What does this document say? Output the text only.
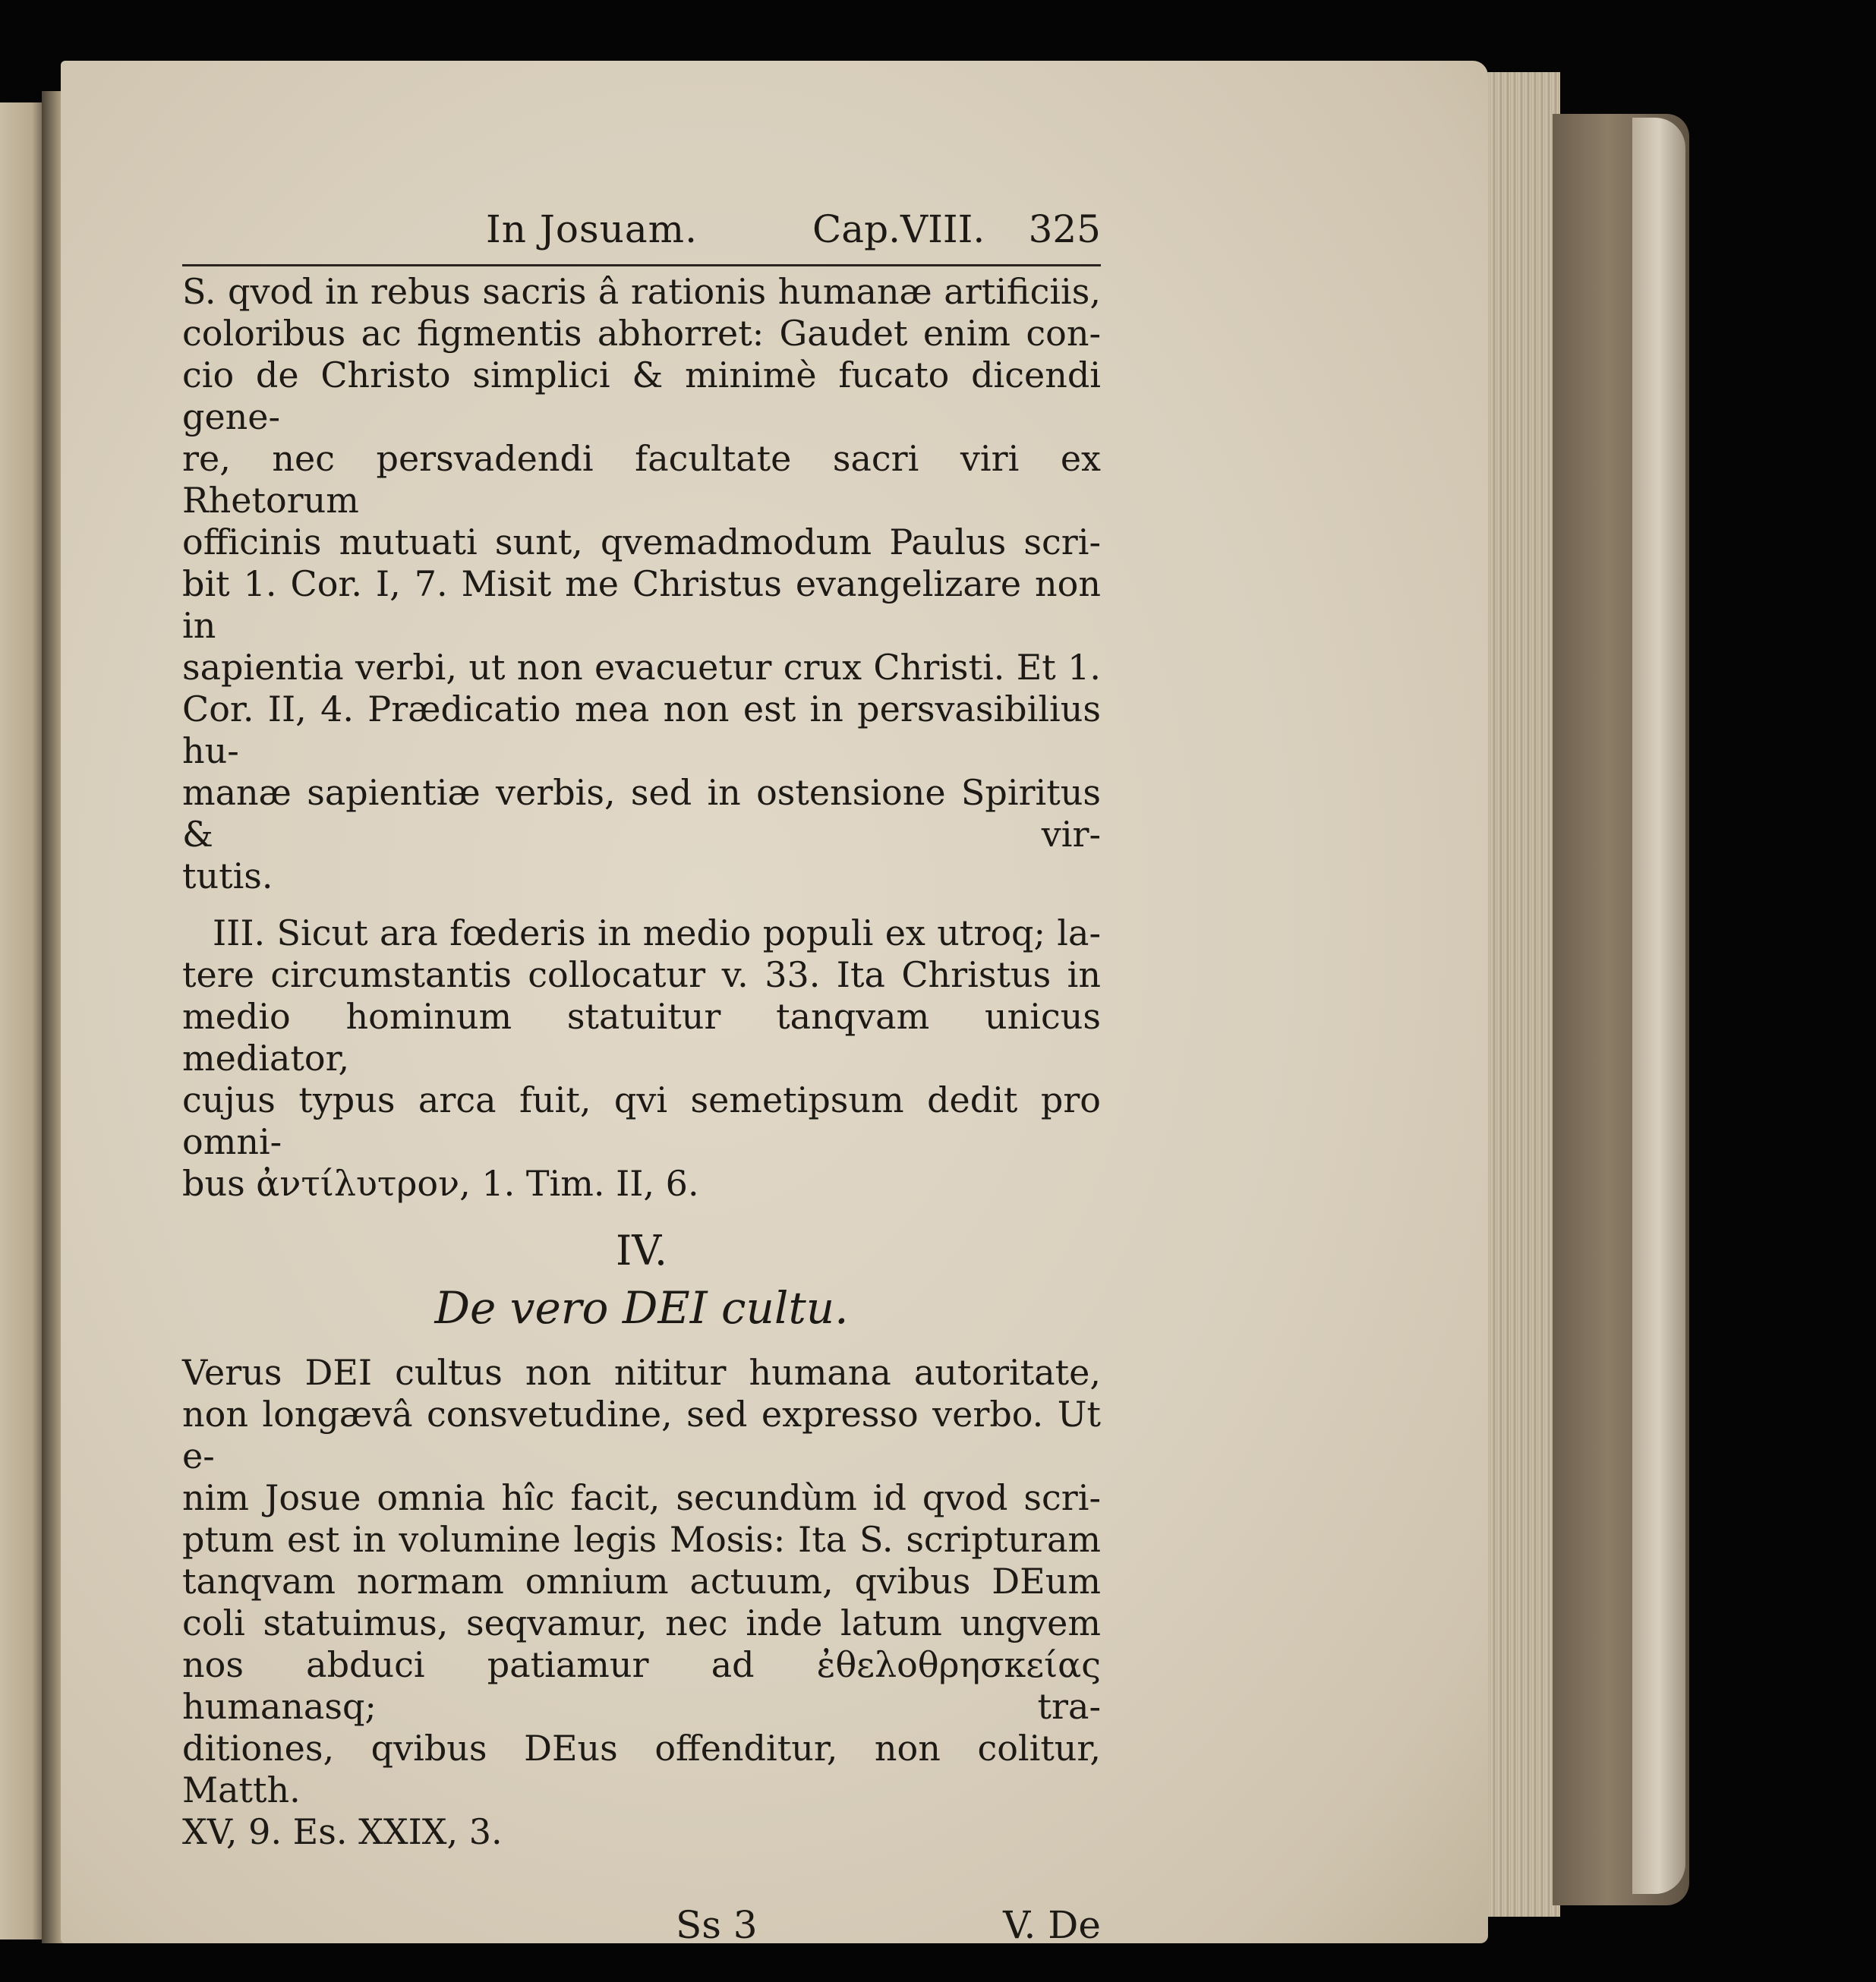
In Josuam.	Cap.VIII. 325

S. qvod in rebus sacris â rationis humanæ artificiis,
coloribus ac figmentis abhorret: Gaudet enim con-
cio de Christo simplici & minimè fucato dicendi gene-
re, nec persvadendi facultate sacri viri ex Rhetorum
officinis mutuati sunt, qvemadmodum Paulus scri-
bit 1. Cor. I, 7. Misit me Christus evangelizare non in
sapientia verbi, ut non evacuetur crux Christi. Et 1.
Cor. II, 4. Prædicatio mea non est in persvasibilius hu-
manæ sapientiæ verbis, sed in ostensione Spiritus & vir-
tutis.

III. Sicut ara fœderis in medio populi ex utroq; la-
tere circumstantis collocatur v. 33. Ita Christus in
medio hominum statuitur tanqvam unicus mediator,
cujus typus arca fuit, qvi semetipsum dedit pro omni-
bus ἀντίλυτρον, 1. Tim. II, 6.

IV.
De vero DEI cultu.

Verus DEI cultus non nititur humana autoritate,
non longævâ consvetudine, sed expresso verbo. Ut e-
nim Josue omnia hîc facit, secundùm id qvod scri-
ptum est in volumine legis Mosis: Ita S. scripturam
tanqvam normam omnium actuum, qvibus DEum
coli statuimus, seqvamur, nec inde latum ungvem
nos abduci patiamur ad ἐθελοθρησκείας humanasq; tra-
ditiones, qvibus DEus offenditur, non colitur, Matth.
XV, 9. Es. XXIX, 3.

Ss 3	V. De
